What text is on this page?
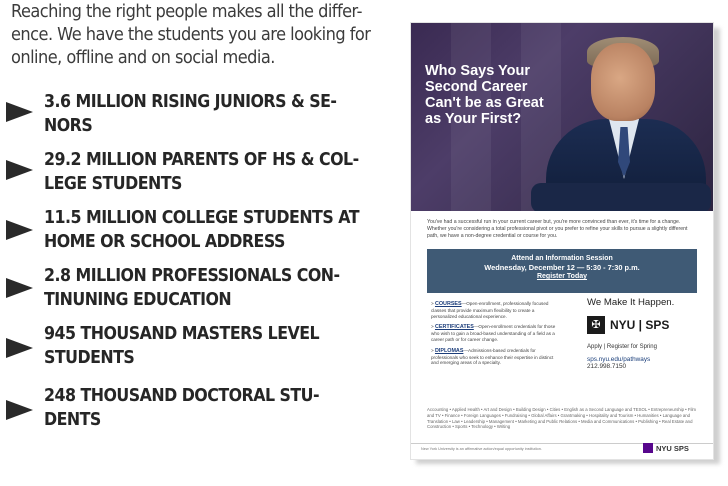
Reaching the right people makes all the differ-
ence. We have the students you are looking for
online, offline and on social media.
3.6 MILLION RISING JUNIORS & SE-
NORS
29.2 MILLION PARENTS OF HS & COL-
LEGE STUDENTS
11.5 MILLION COLLEGE STUDENTS AT
HOME OR SCHOOL ADDRESS
2.8 MILLION PROFESSIONALS CON-
TINUNING EDUCATION
945 THOUSAND MASTERS LEVEL
STUDENTS
248 THOUSAND DOCTORAL STU-
DENTS
Who Says Your
Second Career
Can't be as Great
as Your First?
You've had a successful run in your current career but, you're more convinced than ever, it's time for a change. Whether you're considering a total professional pivot or you prefer to refine your skills to pursue a slightly different path, we have a non-degree credential or course for you.
Attend an Information Session
Wednesday, December 12 — 5:30 - 7:30 p.m.
Register Today
> COURSES—Open-enrollment, professionally focused classes that provide maximum flexibility to create a personalized educational experience.
> CERTIFICATES—Open-enrollment credentials for those who wish to gain a broad-based understanding of a field as a career path or for career change.
> DIPLOMAS—Admissions-based credentials for professionals who seek to enhance their expertise in distinct and emerging areas of a specialty.
We Make It Happen.
✠ NYU | SPS
Apply | Register for Spring
sps.nyu.edu/pathways
212.998.7150
Accounting • Applied Health • Art and Design • Building Design • Cities • English as a Second Language and TESOL • Entrepreneurship • Film and TV • Finance • Foreign Languages • Fundraising • Global Affairs • Grantmaking • Hospitality and Tourism • Humanities • Language and Translation • Law • Leadership • Management • Marketing and Public Relations • Media and Communications • Publishing • Real Estate and Construction • Sports • Technology • Writing
New York University is an affirmative action/equal opportunity institution.	NYU SPS
